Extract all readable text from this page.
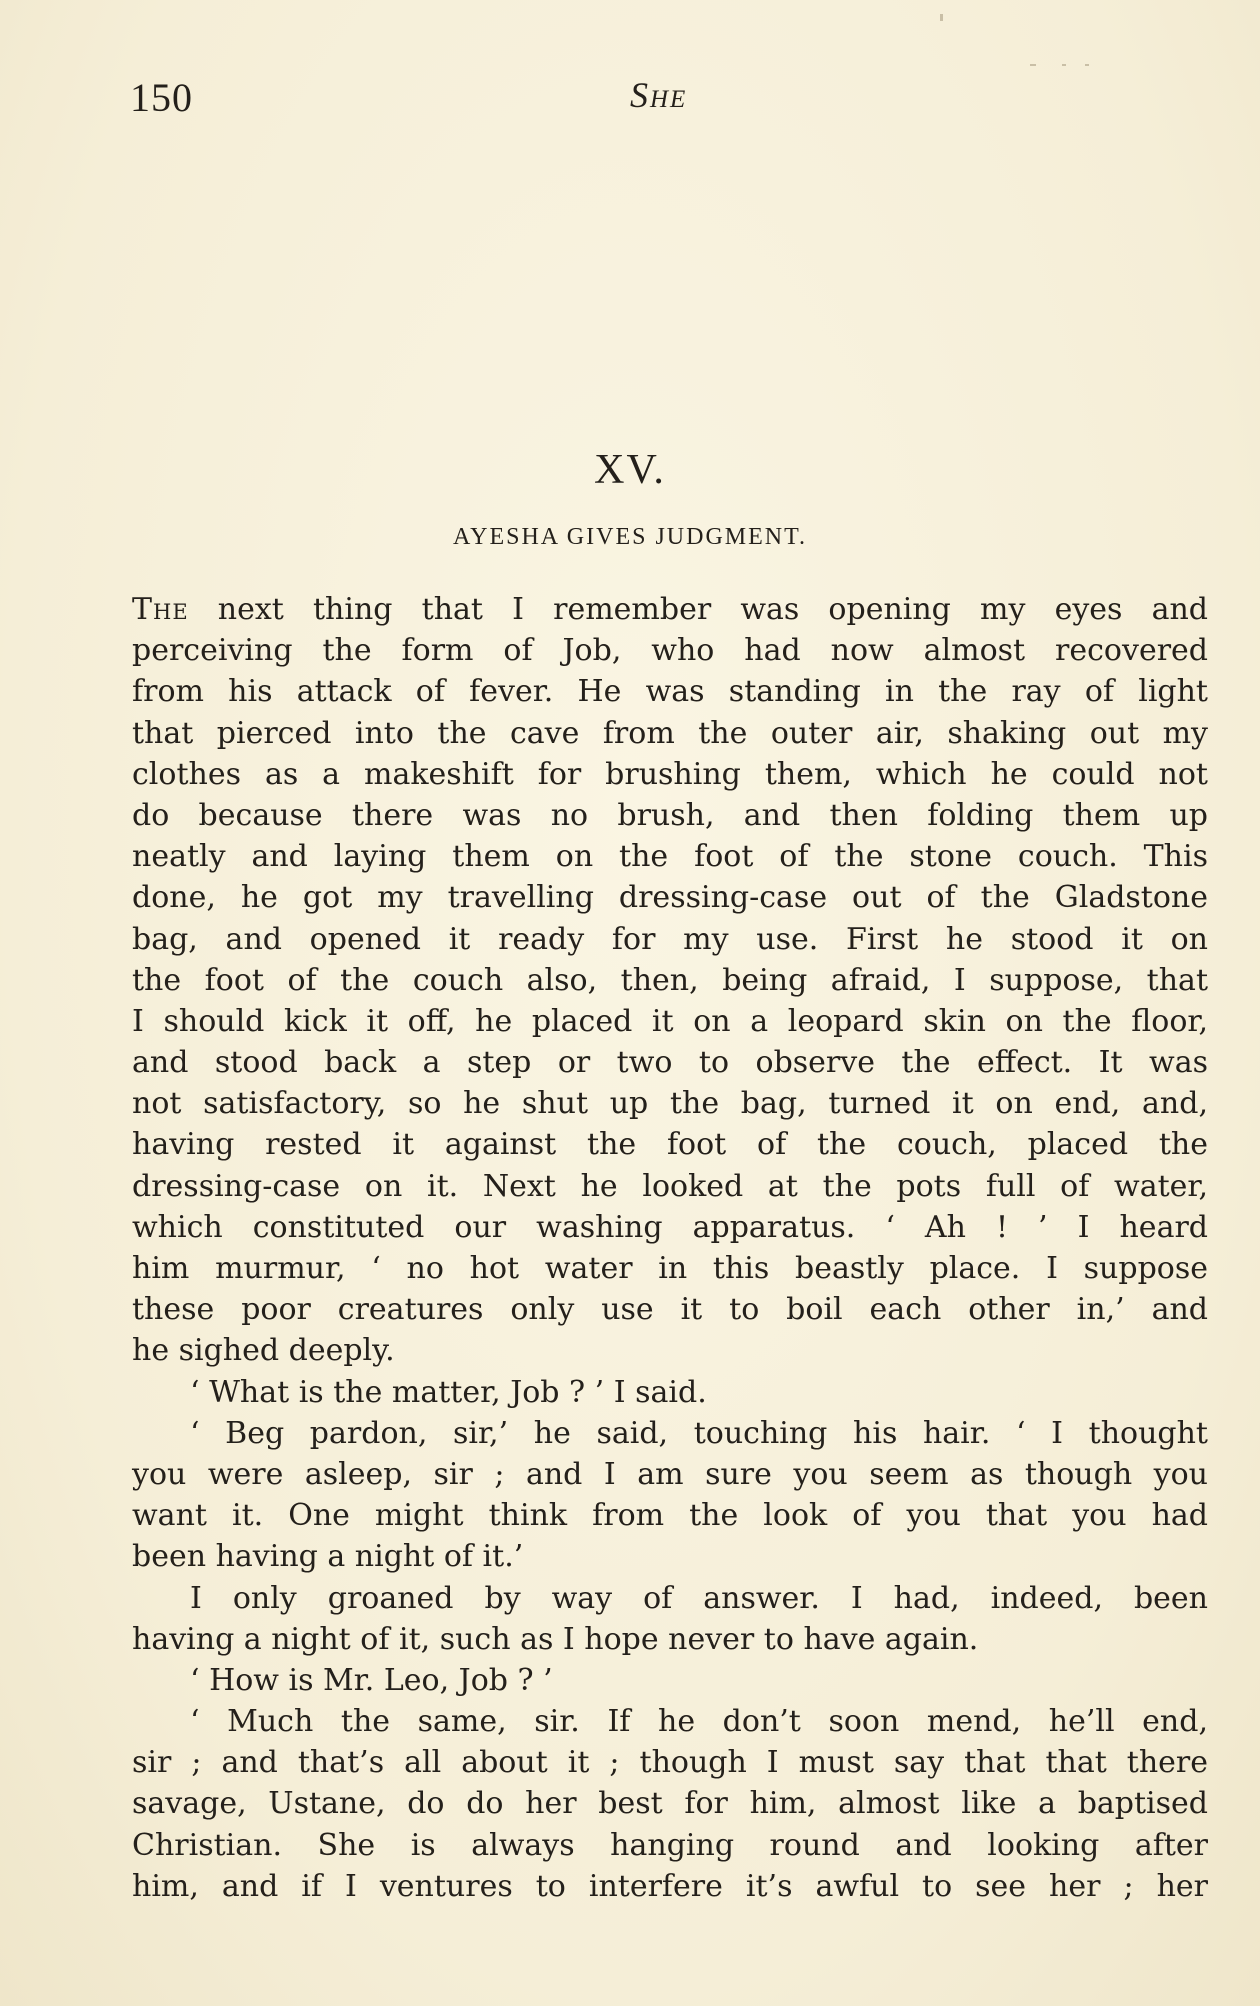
150	She
XV.
AYESHA GIVES JUDGMENT.
The next thing that I remember was opening my eyes and
perceiving the form of Job, who had now almost recovered
from his attack of fever. He was standing in the ray of light
that pierced into the cave from the outer air, shaking out my
clothes as a makeshift for brushing them, which he could not
do because there was no brush, and then folding them up
neatly and laying them on the foot of the stone couch. This
done, he got my travelling dressing-case out of the Gladstone
bag, and opened it ready for my use. First he stood it on
the foot of the couch also, then, being afraid, I suppose, that
I should kick it off, he placed it on a leopard skin on the floor,
and stood back a step or two to observe the effect. It was
not satisfactory, so he shut up the bag, turned it on end, and,
having rested it against the foot of the couch, placed the
dressing-case on it. Next he looked at the pots full of water,
which constituted our washing apparatus. ‘ Ah ! ’ I heard
him murmur, ‘ no hot water in this beastly place. I suppose
these poor creatures only use it to boil each other in,’ and
he sighed deeply.
‘ What is the matter, Job ? ’ I said.
‘ Beg pardon, sir,’ he said, touching his hair. ‘ I thought
you were asleep, sir ; and I am sure you seem as though you
want it. One might think from the look of you that you had
been having a night of it.’
I only groaned by way of answer. I had, indeed, been
having a night of it, such as I hope never to have again.
‘ How is Mr. Leo, Job ? ’
‘ Much the same, sir. If he don’t soon mend, he’ll end,
sir ; and that’s all about it ; though I must say that that there
savage, Ustane, do do her best for him, almost like a baptised
Christian. She is always hanging round and looking after
him, and if I ventures to interfere it’s awful to see her ; her
